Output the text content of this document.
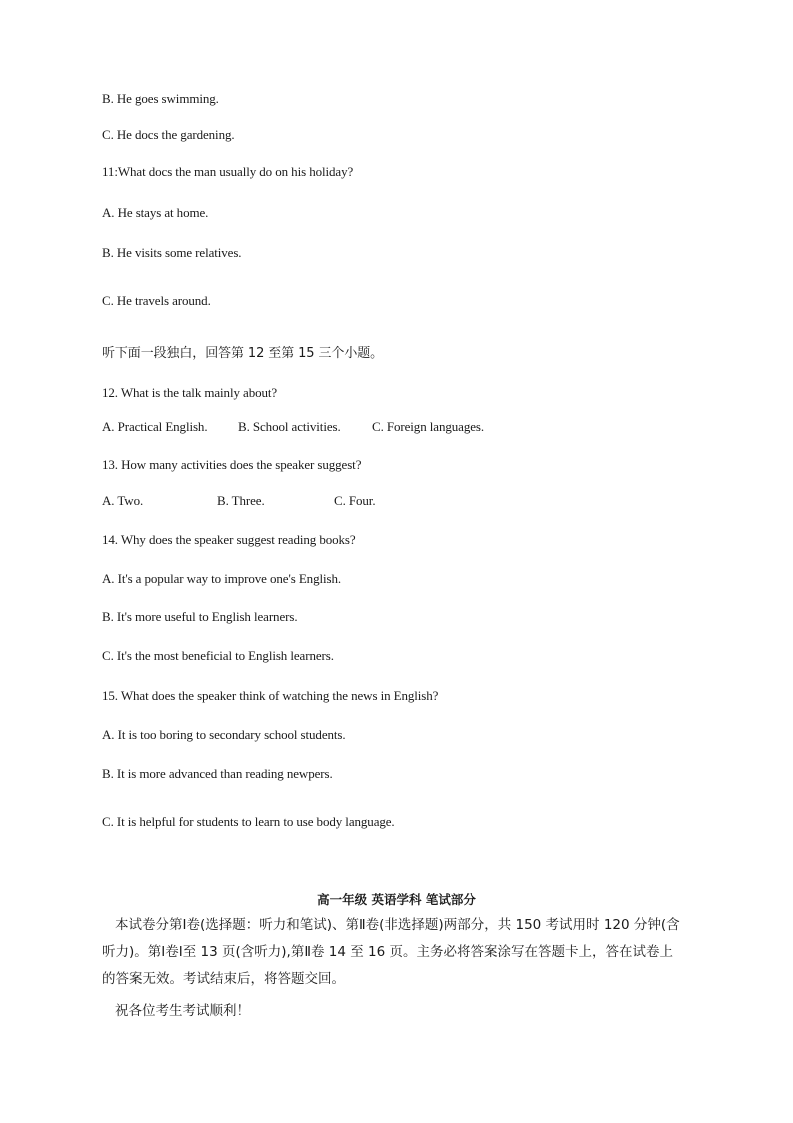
B. He goes swimming.
C. He docs the gardening.
11:What docs the man usually do on his holiday?
A. He stays at home.
B. He visits some relatives.
C. He travels around.
听下面一段独白，回答第 12 至第 15 三个小题。
12. What is the talk mainly about?
A. Practical English. B. School activities. C. Foreign languages.
13. How many activities does the speaker suggest?
A. Two.	B. Three.	C. Four.
14. Why does the speaker suggest reading books?
A. It's a popular way to improve one's English.
B. It's more useful to English learners.
C. It's the most beneficial to English learners.
15. What does the speaker think of watching the news in English?
A. It is too boring to secondary school students.
B. It is more advanced than reading newpers.
C. It is helpful for students to learn to use body language.
高一年级 英语学科 笔试部分
本试卷分第Ⅰ卷(选择题：听力和笔试)、第Ⅱ卷(非选择题)两部分，共 150 考试用时 120 分钟(含听力)。第Ⅰ卷Ⅰ至 13 页(含听力),第Ⅱ卷 14 至 16 页。主务必将答案涂写在答题卡上，答在试卷上的答案无效。考试结束后，将答题交回。
祝各位考生考试顺利！
